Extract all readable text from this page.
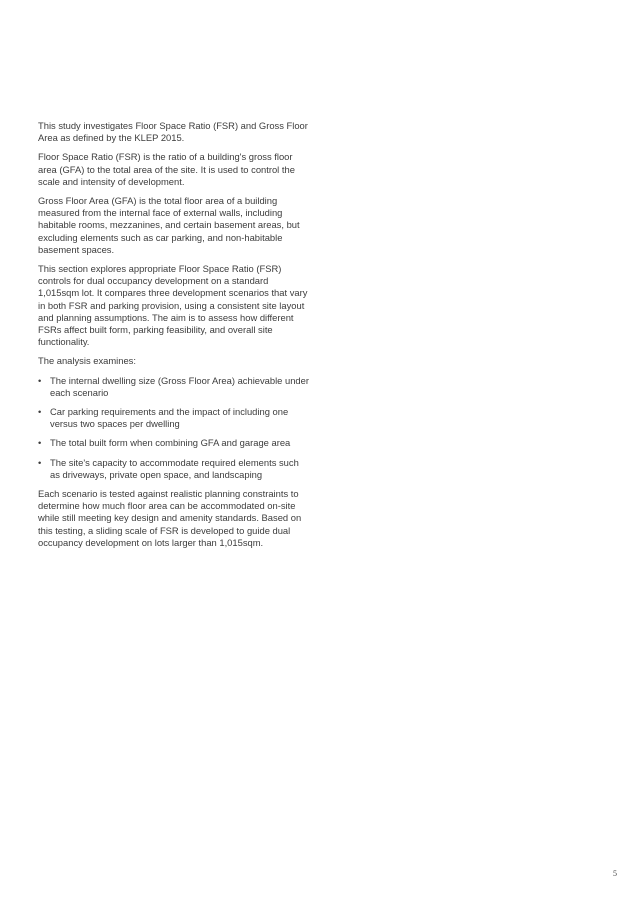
This study investigates Floor Space Ratio (FSR) and Gross Floor Area as defined by the KLEP 2015.

Floor Space Ratio (FSR) is the ratio of a building's gross floor area (GFA) to the total area of the site. It is used to control the scale and intensity of development.

Gross Floor Area (GFA) is the total floor area of a building measured from the internal face of external walls, including habitable rooms, mezzanines, and certain basement areas, but excluding elements such as car parking, and non-habitable basement spaces.

This section explores appropriate Floor Space Ratio (FSR) controls for dual occupancy development on a standard 1,015sqm lot. It compares three development scenarios that vary in both FSR and parking provision, using a consistent site layout and planning assumptions. The aim is to assess how different FSRs affect built form, parking feasibility, and overall site functionality.

The analysis examines:

• The internal dwelling size (Gross Floor Area) achievable under each scenario
• Car parking requirements and the impact of including one versus two spaces per dwelling
• The total built form when combining GFA and garage area
• The site's capacity to accommodate required elements such as driveways, private open space, and landscaping

Each scenario is tested against realistic planning constraints to determine how much floor area can be accommodated on-site while still meeting key design and amenity standards. Based on this testing, a sliding scale of FSR is developed to guide dual occupancy development on lots larger than 1,015sqm.

5
